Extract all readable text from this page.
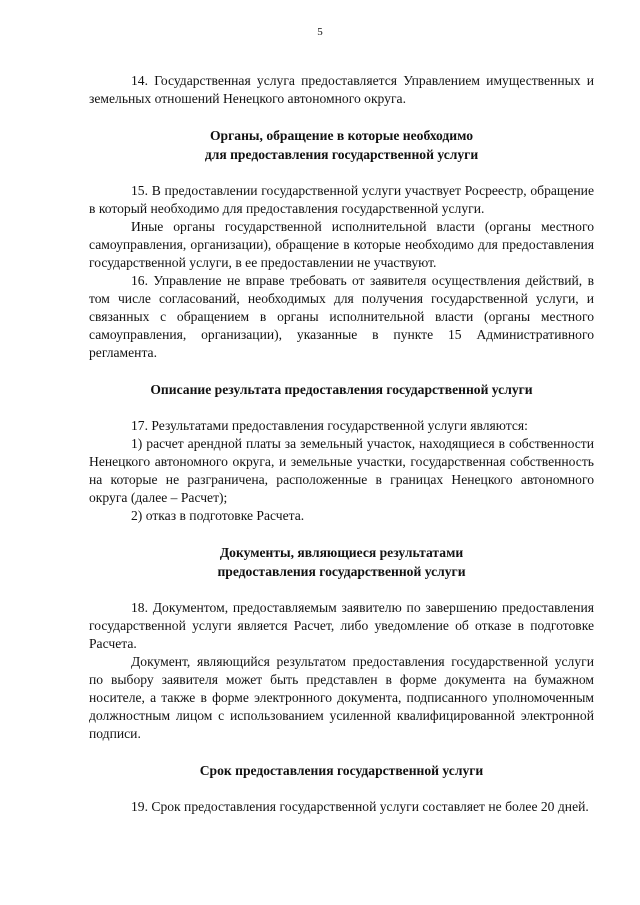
5

14. Государственная услуга предоставляется Управлением имущественных и земельных отношений Ненецкого автономного округа.

Органы, обращение в которые необходимо
для предоставления государственной услуги

15. В предоставлении государственной услуги участвует Росреестр, обращение в который необходимо для предоставления государственной услуги.

Иные органы государственной исполнительной власти (органы местного самоуправления, организации), обращение в которые необходимо для предоставления государственной услуги, в ее предоставлении не участвуют.

16. Управление не вправе требовать от заявителя осуществления действий, в том числе согласований, необходимых для получения государственной услуги, и связанных с обращением в органы исполнительной власти (органы местного самоуправления, организации), указанные в пункте 15 Административного регламента.

Описание результата предоставления государственной услуги

17. Результатами предоставления государственной услуги являются:

1) расчет арендной платы за земельный участок, находящиеся в собственности Ненецкого автономного округа, и земельные участки, государственная собственность на которые не разграничена, расположенные в границах Ненецкого автономного округа (далее – Расчет);

2) отказ в подготовке Расчета.

Документы, являющиеся результатами
предоставления государственной услуги

18. Документом, предоставляемым заявителю по завершению предоставления государственной услуги является Расчет, либо уведомление об отказе в подготовке Расчета.

Документ, являющийся результатом предоставления государственной услуги по выбору заявителя может быть представлен в форме документа на бумажном носителе, а также в форме электронного документа, подписанного уполномоченным должностным лицом с использованием усиленной квалифицированной электронной подписи.

Срок предоставления государственной услуги

19. Срок предоставления государственной услуги составляет не более 20 дней.
